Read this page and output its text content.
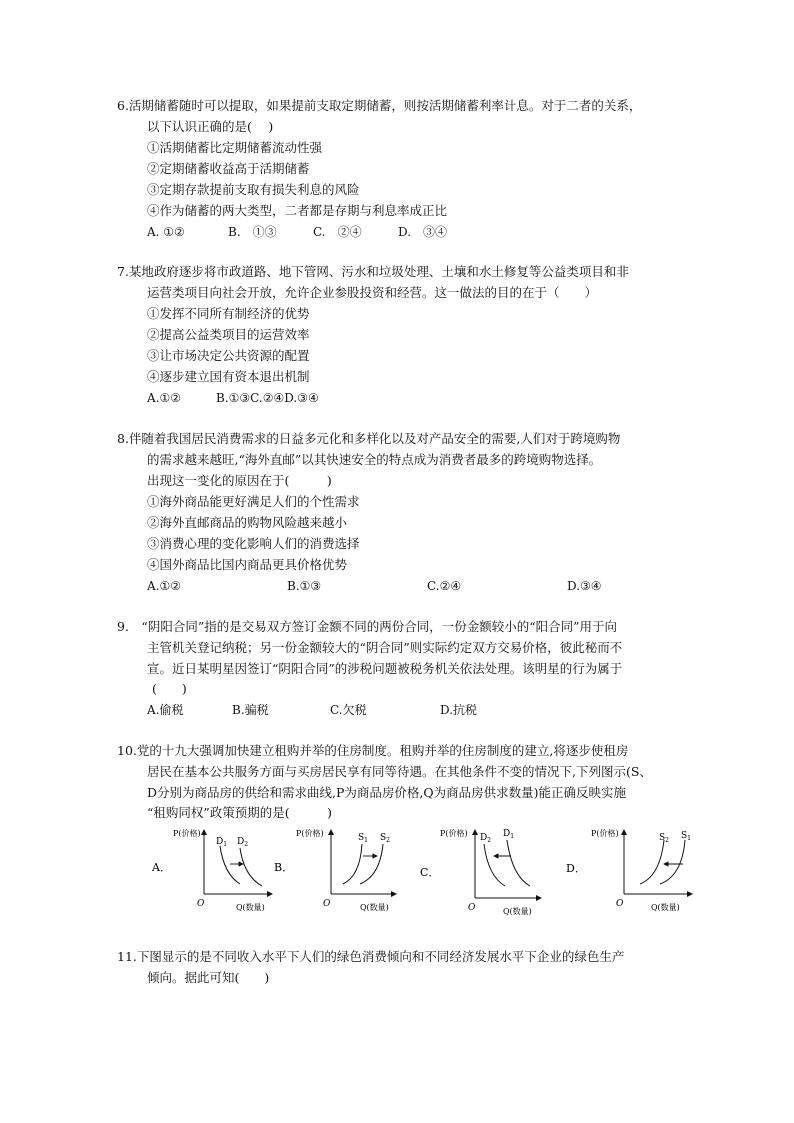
6.活期储蓄随时可以提取，如果提前支取定期储蓄，则按活期储蓄利率计息。对于二者的关系，
以下认识正确的是(　 )
①活期储蓄比定期储蓄流动性强
②定期储蓄收益高于活期储蓄
③定期存款提前支取有损失利息的风险
④作为储蓄的两大类型，二者都是存期与利息率成正比
A. ①②	B.　①③	C.　②④	D.　③④
7.某地政府逐步将市政道路、地下管网、污水和垃圾处理、土壤和水土修复等公益类项目和非
运营类项目向社会开放，允许企业参股投资和经营。这一做法的目的在于（　　）
①发挥不同所有制经济的优势
②提高公益类项目的运营效率
③让市场决定公共资源的配置
④逐步建立国有资本退出机制
A.①②	B.①③C.②④D.③④
8.伴随着我国居民消费需求的日益多元化和多样化以及对产品安全的需要,人们对于跨境购物
的需求越来越旺,“海外直邮”以其快速安全的特点成为消费者最多的跨境购物选择。
出现这一变化的原因在于(　　　)
①海外商品能更好满足人们的个性需求
②海外直邮商品的购物风险越来越小
③消费心理的变化影响人们的消费选择
④国外商品比国内商品更具价格优势
A.①②	B.①③	C.②④	D.③④
9.　“阴阳合同”指的是交易双方签订金额不同的两份合同，一份金额较小的“阳合同”用于向
主管机关登记纳税；另一份金额较大的“阴合同”则实际约定双方交易价格，彼此秘而不
宣。近日某明星因签订“阴阳合同”的涉税问题被税务机关依法处理。该明星的行为属于
(　　)
A.偷税	B.骗税	C.欠税	D.抗税
10.党的十九大强调加快建立租购并举的住房制度。租购并举的住房制度的建立,将逐步使租房
居民在基本公共服务方面与买房居民享有同等待遇。在其他条件不变的情况下,下列图示(S、
D分别为商品房的供给和需求曲线,P为商品房价格,Q为商品房供求数量)能正确反映实施
“租购同权”政策预期的是(　　　)
A．
P(价格)
O	Q(数量)
$D_1$ $D_2$
B．
P(价格)
O	Q(数量)
$S_1$ $S_2$
C．
P(价格)
O	Q(数量)
$D_2$
$D_1$
D．
P(价格)
O	Q(数量)
$S_2$ $S_1$
11.下图显示的是不同收入水平下人们的绿色消费倾向和不同经济发展水平下企业的绿色生产
倾向。据此可知(　　)
